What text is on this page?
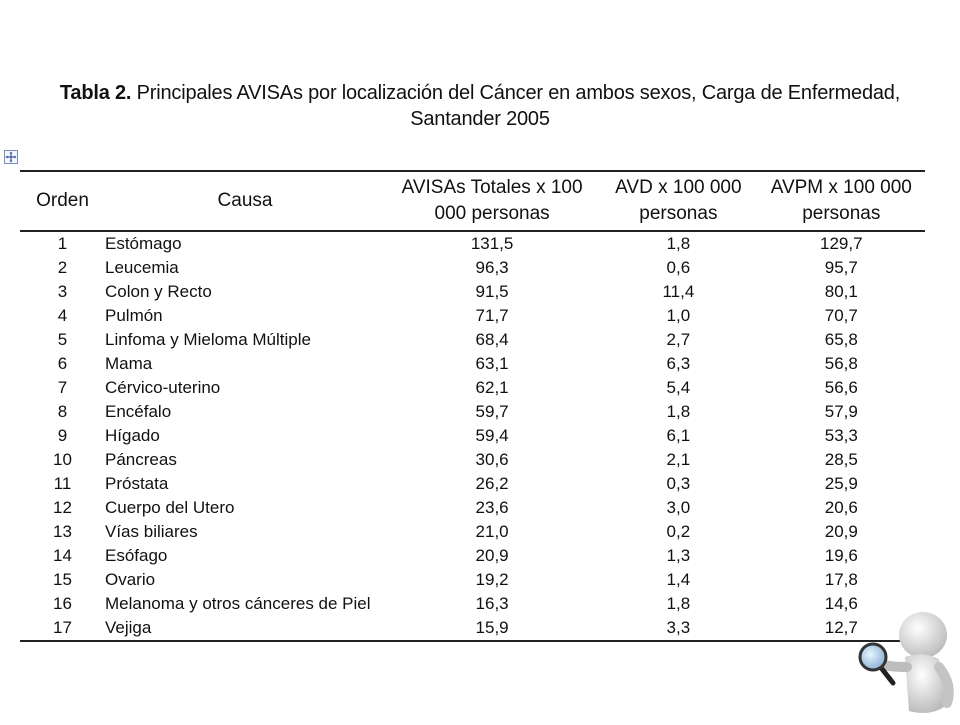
Tabla 2. Principales AVISAs por localización del Cáncer en ambos sexos, Carga de Enfermedad, Santander 2005
Orden	Causa	AVISAs Totales x 100 000 personas	AVD x 100 000 personas	AVPM x 100 000 personas
1	Estómago	131,5	1,8	129,7
2	Leucemia	96,3	0,6	95,7
3	Colon y Recto	91,5	11,4	80,1
4	Pulmón	71,7	1,0	70,7
5	Linfoma y Mieloma Múltiple	68,4	2,7	65,8
6	Mama	63,1	6,3	56,8
7	Cérvico-uterino	62,1	5,4	56,6
8	Encéfalo	59,7	1,8	57,9
9	Hígado	59,4	6,1	53,3
10	Páncreas	30,6	2,1	28,5
11	Próstata	26,2	0,3	25,9
12	Cuerpo del Utero	23,6	3,0	20,6
13	Vías biliares	21,0	0,2	20,9
14	Esófago	20,9	1,3	19,6
15	Ovario	19,2	1,4	17,8
16	Melanoma y otros cánceres de Piel	16,3	1,8	14,6
17	Vejiga	15,9	3,3	12,7
